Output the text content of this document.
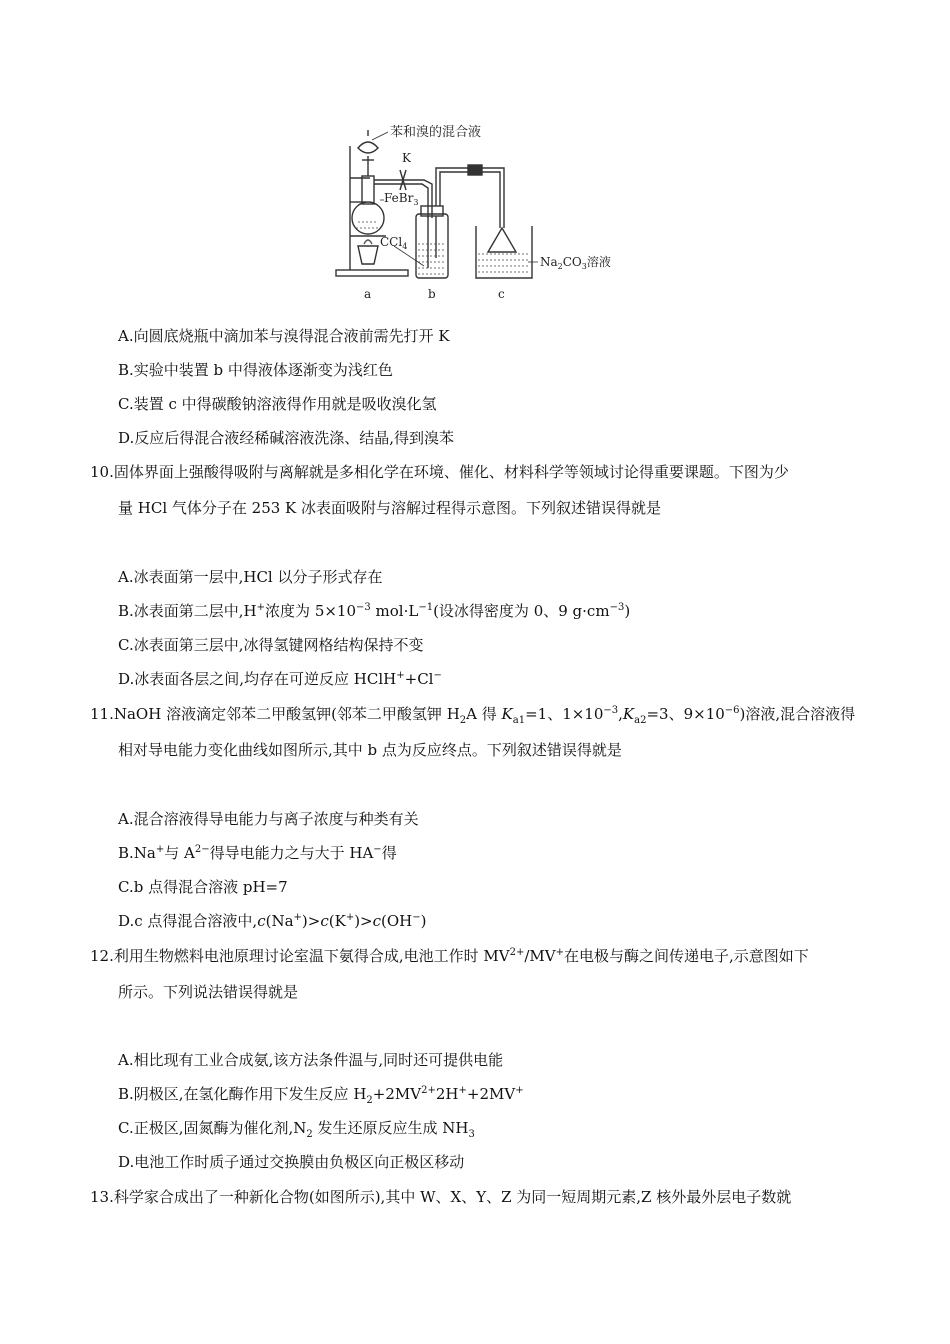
苯和溴的混合液
K
FeBr$_3$
CCl$_4$
$Na_2CO_3$溶液
a	b	c
A.向圆底烧瓶中滴加苯与溴得混合液前需先打开 K
B.实验中装置 b 中得液体逐渐变为浅红色
C.装置 c 中得碳酸钠溶液得作用就是吸收溴化氢
D.反应后得混合液经稀碱溶液洗涤、结晶,得到溴苯
10.固体界面上强酸得吸附与离解就是多相化学在环境、催化、材料科学等领域讨论得重要课题。下图为少
量 HCl 气体分子在 253 K 冰表面吸附与溶解过程得示意图。下列叙述错误得就是
A.冰表面第一层中,HCl 以分子形式存在
B.冰表面第二层中,H+浓度为 $5\times 10^{-3}$ $mol\cdot L^{-1}$(设冰得密度为 0、9 $g\cdot cm^{-3}$)
C.冰表面第三层中,冰得氢键网格结构保持不变
D.冰表面各层之间,均存在可逆反应 HClH++Cl−
11.NaOH 溶液滴定邻苯二甲酸氢钾(邻苯二甲酸氢钾 $H_2A$ 得 $K_{a1}=1$、$1\times 10^{-3},K_{a2}=3$、$9\times 10^{-6}$)溶液,混合溶液得
相对导电能力变化曲线如图所示,其中 b 点为反应终点。下列叙述错误得就是
A.混合溶液得导电能力与离子浓度与种类有关
B.Na+与 $A^{2-}$得导电能力之与大于 HA−得
C.b 点得混合溶液 pH=7
D.c 点得混合溶液中,c(Na+)>c(K+)>c(OH−)
12.利用生物燃料电池原理讨论室温下氨得合成,电池工作时 $MV^{2+}/MV^+$在电极与酶之间传递电子,示意图如下
所示。下列说法错误得就是
A.相比现有工业合成氨,该方法条件温与,同时还可提供电能
B.阴极区,在氢化酶作用下发生反应 $H_2+2MV^{2+}2H^++2MV^+$
C.正极区,固氮酶为催化剂$,N_2$ 发生还原反应生成 $NH_3$
D.电池工作时质子通过交换膜由负极区向正极区移动
13.科学家合成出了一种新化合物(如图所示),其中 W、X、Y、Z 为同一短周期元素,Z 核外最外层电子数就
